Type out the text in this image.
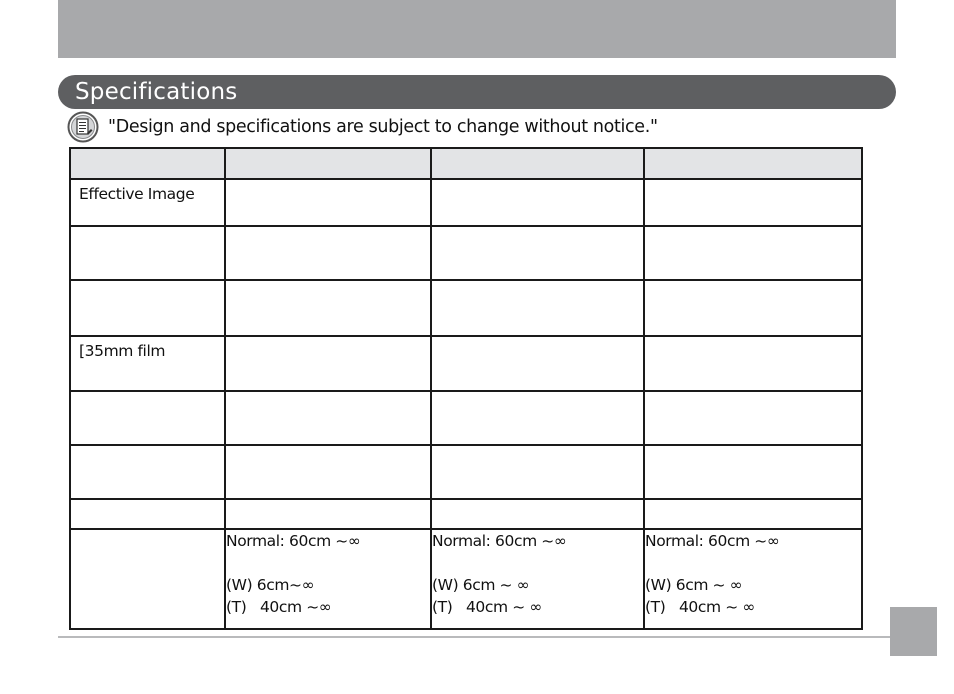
Specifications
"Design and specifications are subject to change without notice."

Effective Image			

[35mm film			

	Normal: 60cm ~∞
(W) 6cm~∞
(T)   40cm ~∞	Normal: 60cm ~∞
(W) 6cm ~ ∞
(T)   40cm ~ ∞	Normal: 60cm ~∞
(W) 6cm ~ ∞
(T)   40cm ~ ∞
